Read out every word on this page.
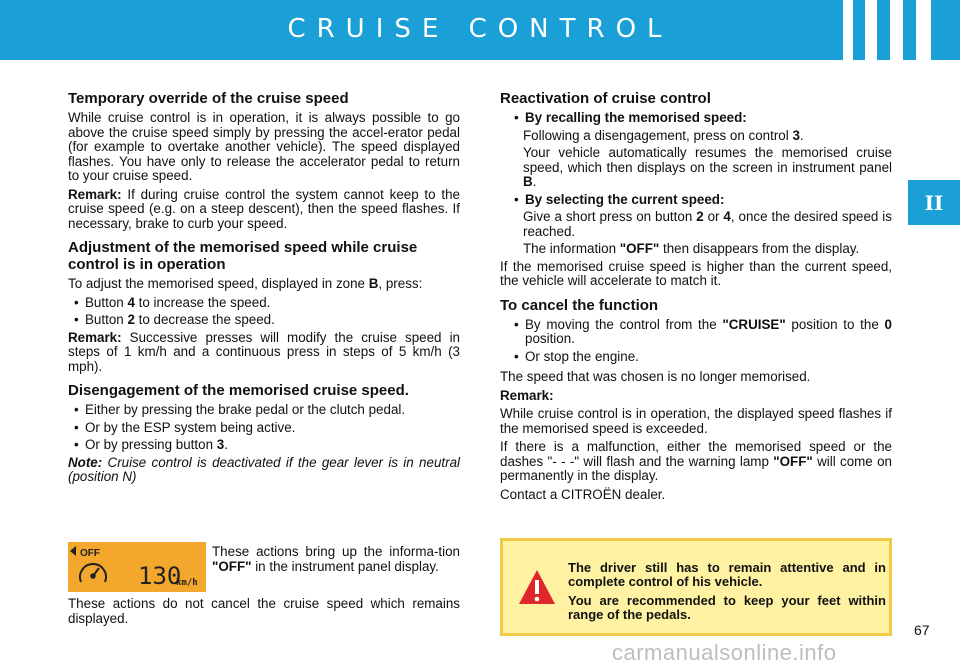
CRUISE CONTROL
II
Temporary override of the cruise speed

While cruise control is in operation, it is always possible to go above the cruise speed simply by pressing the accel-erator pedal (for example to overtake another vehicle). The speed displayed flashes. You have only to release the accelerator pedal to return to your cruise speed.

Remark: If during cruise control the system cannot keep to the cruise speed (e.g. on a steep descent), then the speed flashes. If necessary, brake to curb your speed.

Adjustment of the memorised speed while cruise control is in operation

To adjust the memorised speed, displayed in zone B, press:

• Button 4 to increase the speed.
• Button 2 to decrease the speed.

Remark: Successive presses will modify the cruise speed in steps of 1 km/h and a continuous press in steps of 5 km/h (3 mph).

Disengagement of the memorised cruise speed.
• Either by pressing the brake pedal or the clutch pedal.
• Or by the ESP system being active.
• Or by pressing button 3.

Note: Cruise control is deactivated if the gear lever is in neutral (position N)

OFF
130
km/h
These actions bring up the informa-tion "OFF" in the instrument panel display.
These actions do not cancel the cruise speed which remains displayed.
Reactivation of cruise control
• By recalling the memorised speed:

Following a disengagement, press on control 3.

Your vehicle automatically resumes the memorised cruise speed, which then displays on the screen in instrument panel B.

• By selecting the current speed:

Give a short press on button 2 or 4, once the desired speed is reached.

The information "OFF" then disappears from the display.

If the memorised cruise speed is higher than the current speed, the vehicle will accelerate to match it.

To cancel the function
• By moving the control from the "CRUISE" position to the 0 position.
• Or stop the engine.

The speed that was chosen is no longer memorised.

Remark:

While cruise control is in operation, the displayed speed flashes if the memorised speed is exceeded.

If there is a malfunction, either the memorised speed or the dashes "- - -" will flash and the warning lamp "OFF" will come on permanently in the display.

Contact a CITROËN dealer.

The driver still has to remain attentive and in complete control of his vehicle.

You are recommended to keep your feet within range of the pedals.

67
carmanualsonline.info
